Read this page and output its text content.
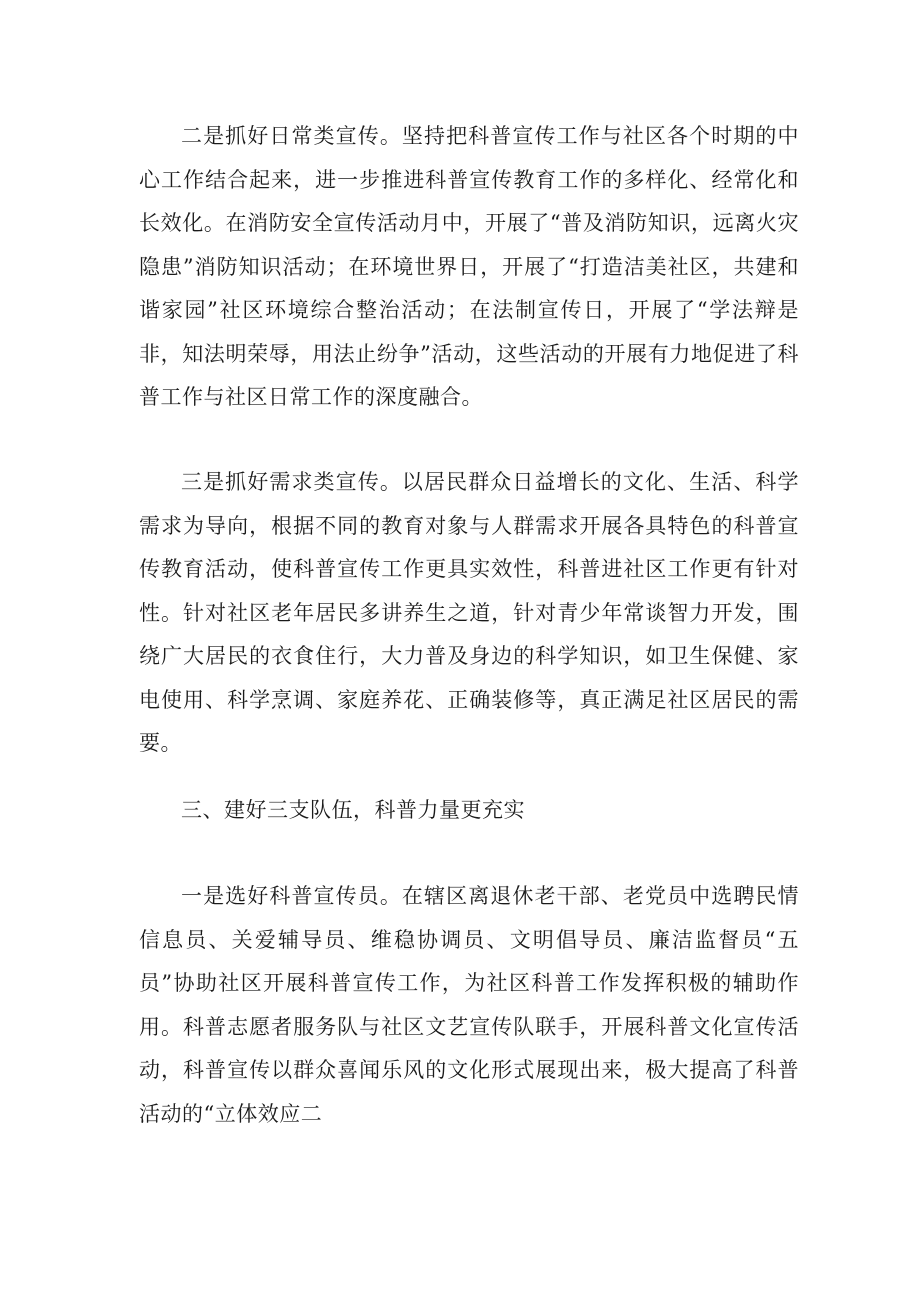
二是抓好日常类宣传。坚持把科普宣传工作与社区各个时期的中心工作结合起来，进一步推进科普宣传教育工作的多样化、经常化和长效化。在消防安全宣传活动月中，开展了“普及消防知识，远离火灾隐患”消防知识活动；在环境世界日，开展了“打造洁美社区，共建和谐家园”社区环境综合整治活动；在法制宣传日，开展了“学法辩是非，知法明荣辱，用法止纷争”活动，这些活动的开展有力地促进了科普工作与社区日常工作的深度融合。

三是抓好需求类宣传。以居民群众日益增长的文化、生活、科学需求为导向，根据不同的教育对象与人群需求开展各具特色的科普宣传教育活动，使科普宣传工作更具实效性，科普进社区工作更有针对性。针对社区老年居民多讲养生之道，针对青少年常谈智力开发，围绕广大居民的衣食住行，大力普及身边的科学知识，如卫生保健、家电使用、科学烹调、家庭养花、正确装修等，真正满足社区居民的需要。

三、建好三支队伍，科普力量更充实

一是选好科普宣传员。在辖区离退休老干部、老党员中选聘民情信息员、关爱辅导员、维稳协调员、文明倡导员、廉洁监督员“五员”协助社区开展科普宣传工作，为社区科普工作发挥积极的辅助作用。科普志愿者服务队与社区文艺宣传队联手，开展科普文化宣传活动，科普宣传以群众喜闻乐风的文化形式展现出来，极大提高了科普活动的“立体效应二
